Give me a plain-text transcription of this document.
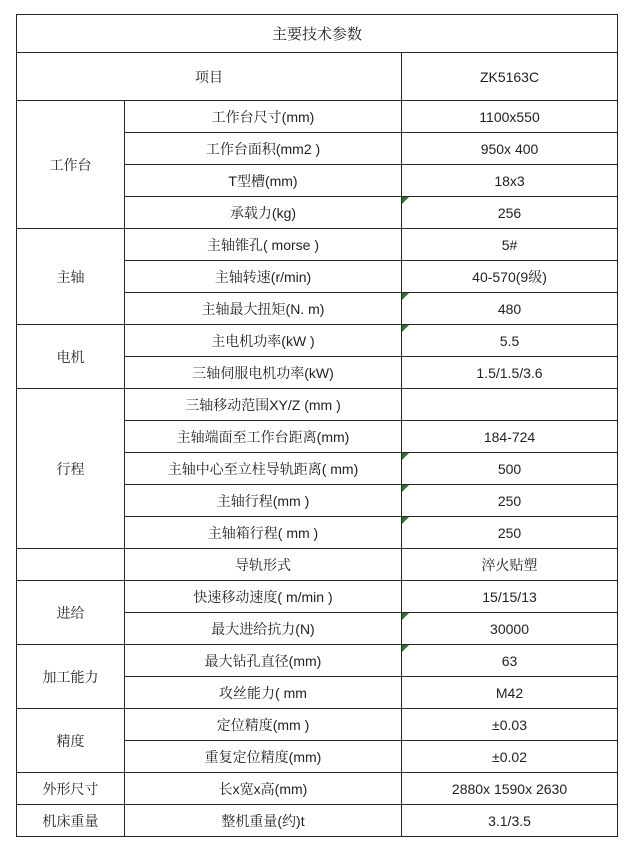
主要技术参数		
项目		ZK5163C
工作台	工作台尺寸(mm)	1100x550
	工作台面积(mm2 )	950x 400
	T型槽(mm)	18x3
	承载力(kg)	256
主轴	主轴锥孔( morse )	5#
	主轴转速(r/min)	40-570(9级)
	主轴最大扭矩(N. m)	480
电机	主电机功率(kW )	5.5
	三轴伺服电机功率(kW)	1.5/1.5/3.6
行程	三轴移动范围XY/Z (mm )	
	主轴端面至工作台距离(mm)	184-724
	主轴中心至立柱导轨距离( mm)	500
	主轴行程(mm )	250
	主轴箱行程( mm )	250
	导轨形式	淬火贴塑
进给	快速移动速度( m/min )	15/15/13
	最大进给抗力(N)	30000
加工能力	最大钻孔直径(mm)	63
	攻丝能力( mm	M42
精度	定位精度(mm )	±0.03
	重复定位精度(mm)	±0.02
外形尺寸	长x宽x高(mm)	2880x 1590x 2630
机床重量	整机重量(约)t	3.1/3.5
